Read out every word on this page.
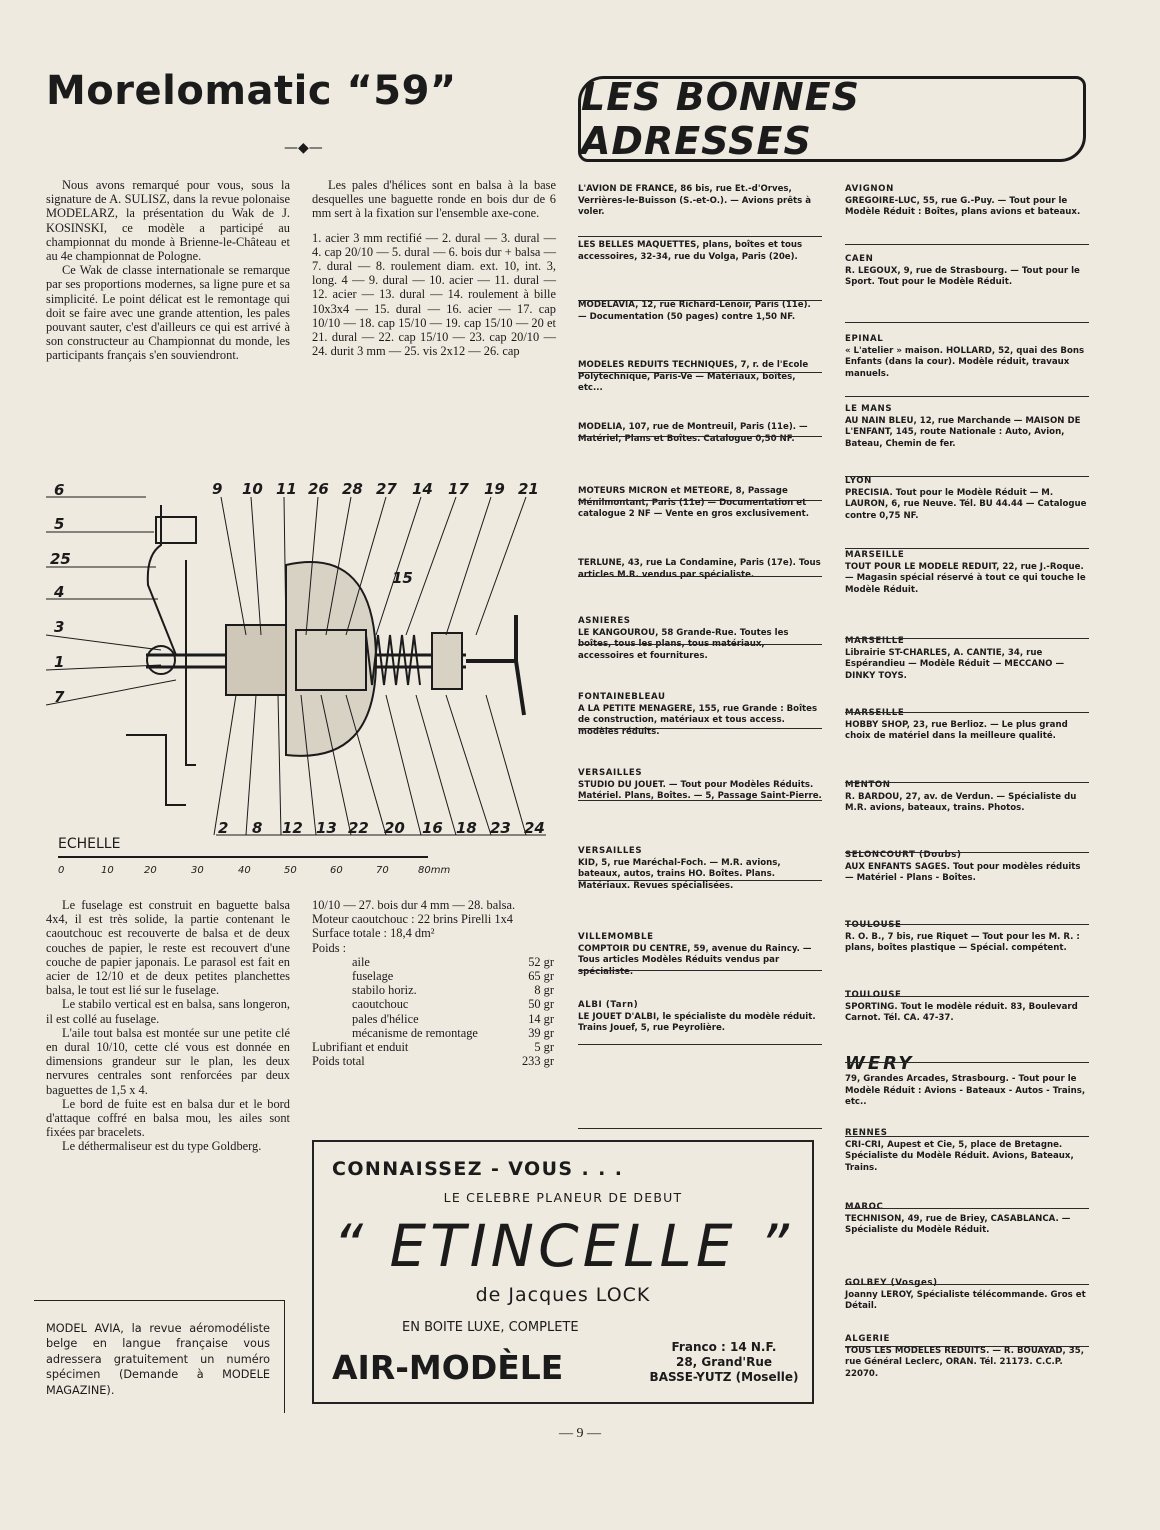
Morelomatic “59”
—◆—
LES BONNES ADRESSES

Nous avons remarqué pour vous, sous la signature de A. SULISZ, dans la revue polonaise MODELARZ, la présentation du Wak de J. KOSINSKI, ce modèle a participé au championnat du monde à Brienne-le-Château et au 4e championnat de Pologne.

Ce Wak de classe internationale se remarque par ses proportions modernes, sa ligne pure et sa simplicité. Le point délicat est le remontage qui doit se faire avec une grande attention, les pales pouvant sauter, c'est d'ailleurs ce qui est arrivé à son constructeur au Championnat du monde, les participants français s'en souviendront.

Les pales d'hélices sont en balsa à la base desquelles une baguette ronde en bois dur de 6 mm sert à la fixation sur l'ensemble axe-cone.

1. acier 3 mm rectifié — 2. dural — 3. dural — 4. cap 20/10 — 5. dural — 6. bois dur + balsa — 7. dural — 8. roulement diam. ext. 10, int. 3, long. 4 — 9. dural — 10. acier — 11. dural — 12. acier — 13. dural — 14. roulement à bille 10x3x4 — 15. dural — 16. acier — 17. cap 10/10 — 18. cap 15/10 — 19. cap 15/10 — 20 et 21. dural — 22. cap 15/10 — 23. cap 20/10 — 24. durit 3 mm — 25. vis 2x12 — 26. cap

9 10 11 26 28 27 14 17 19 21
6
5
25
4
3
1
7
15
2 8 12 13 22 20 16 18 23 24
ECHELLE
0	10	20	30	40	50	60	70	80mm

Le fuselage est construit en baguette balsa 4x4, il est très solide, la partie contenant le caoutchouc est recouverte de balsa et de deux couches de papier, le reste est recouvert d'une couche de papier japonais. Le parasol est fait en acier de 12/10 et de deux petites planchettes balsa, le tout est lié sur le fuselage.

Le stabilo vertical est en balsa, sans longeron, il est collé au fuselage.

L'aile tout balsa est montée sur une petite clé en dural 10/10, cette clé vous est donnée en dimensions grandeur sur le plan, les deux nervures centrales sont renforcées par deux baguettes de 1,5 x 4.

Le bord de fuite est en balsa dur et le bord d'attaque coffré en balsa mou, les ailes sont fixées par bracelets.

Le déthermaliseur est du type Goldberg.

10/10 — 27. bois dur 4 mm — 28. balsa.

Moteur caoutchouc : 22 brins Pirelli 1x4

Surface totale : 18,4 dm²

Poids :

aile	52 gr
fuselage	65 gr
stabilo horiz.	8 gr
caoutchouc	50 gr
pales d'hélice	14 gr
mécanisme de remontage	39 gr
Lubrifiant et enduit	5 gr
Poids total	233 gr
MODEL AVIA, la revue aéromodéliste belge en langue française vous adressera gratuitement un numéro spécimen (Demande à MODELE MAGAZINE).
CONNAISSEZ - VOUS . . .
LE CELEBRE PLANEUR DE DEBUT
“ ETINCELLE ”
de Jacques LOCK
EN BOITE LUXE, COMPLETE
AIR-MODÈLE
Franco : 14 N.F.
28, Grand'Rue
BASSE-YUTZ (Moselle)
L'AVION DE FRANCE, 86 bis, rue Et.-d'Orves, Verrières-le-Buisson (S.-et-O.). — Avions prêts à voler.
LES BELLES MAQUETTES, plans, boîtes et tous accessoires, 32-34, rue du Volga, Paris (20e).
MODELAVIA, 12, rue Richard-Lenoir, Paris (11e). — Documentation (50 pages) contre 1,50 NF.
MODELES REDUITS TECHNIQUES, 7, r. de l'Ecole Polytechnique, Paris-Ve — Matériaux, boîtes, etc...
MODELIA, 107, rue de Montreuil, Paris (11e). — Matériel, Plans et Boîtes. Catalogue 0,50 NF.
MOTEURS MICRON et METEORE, 8, Passage Ménilmontant, Paris (11e) — Documentation et catalogue 2 NF — Vente en gros exclusivement.
TERLUNE, 43, rue La Condamine, Paris (17e). Tous articles M.R. vendus par spécialiste.
ASNIERES
LE KANGOUROU, 58 Grande-Rue. Toutes les boîtes, tous les plans, tous matériaux, accessoires et fournitures.
FONTAINEBLEAU
A LA PETITE MENAGERE, 155, rue Grande : Boîtes de construction, matériaux et tous access. modèles réduits.
VERSAILLES
STUDIO DU JOUET. — Tout pour Modèles Réduits. Matériel. Plans, Boîtes. — 5, Passage Saint-Pierre.
VERSAILLES
KID, 5, rue Maréchal-Foch. — M.R. avions, bateaux, autos, trains HO. Boîtes. Plans. Matériaux. Revues spécialisées.
VILLEMOMBLE
COMPTOIR DU CENTRE, 59, avenue du Raincy. — Tous articles Modèles Réduits vendus par spécialiste.
ALBI (Tarn)
LE JOUET D'ALBI, le spécialiste du modèle réduit. Trains Jouef, 5, rue Peyrolière.
AVIGNON
GREGOIRE-LUC, 55, rue G.-Puy. — Tout pour le Modèle Réduit : Boîtes, plans avions et bateaux.
CAEN
R. LEGOUX, 9, rue de Strasbourg. — Tout pour le Sport. Tout pour le Modèle Réduit.
EPINAL
« L'atelier » maison. HOLLARD, 52, quai des Bons Enfants (dans la cour). Modèle réduit, travaux manuels.
LE MANS
AU NAIN BLEU, 12, rue Marchande — MAISON DE L'ENFANT, 145, route Nationale : Auto, Avion, Bateau, Chemin de fer.
LYON
PRECISIA. Tout pour le Modèle Réduit — M. LAURON, 6, rue Neuve. Tél. BU 44.44 — Catalogue contre 0,75 NF.
MARSEILLE
TOUT POUR LE MODELE REDUIT, 22, rue J.-Roque. — Magasin spécial réservé à tout ce qui touche le Modèle Réduit.
MARSEILLE
Librairie ST-CHARLES, A. CANTIE, 34, rue Espérandieu — Modèle Réduit — MECCANO — DINKY TOYS.
MARSEILLE
HOBBY SHOP, 23, rue Berlioz. — Le plus grand choix de matériel dans la meilleure qualité.
MENTON
R. BARDOU, 27, av. de Verdun. — Spécialiste du M.R. avions, bateaux, trains. Photos.
SELONCOURT (Doubs)
AUX ENFANTS SAGES. Tout pour modèles réduits — Matériel - Plans - Boîtes.
TOULOUSE
R. O. B., 7 bis, rue Riquet — Tout pour les M. R. : plans, boîtes plastique — Spécial. compétent.
TOULOUSE
SPORTING. Tout le modèle réduit. 83, Boulevard Carnot. Tél. CA. 47-37.
WERY
79, Grandes Arcades, Strasbourg. - Tout pour le Modèle Réduit : Avions - Bateaux - Autos - Trains, etc..
RENNES
CRI-CRI, Aupest et Cie, 5, place de Bretagne. Spécialiste du Modèle Réduit. Avions, Bateaux, Trains.
MAROC
TECHNISON, 49, rue de Briey, CASABLANCA. — Spécialiste du Modèle Réduit.
GOLBEY (Vosges)
Joanny LEROY, Spécialiste télécommande. Gros et Détail.
ALGERIE
TOUS LES MODELES REDUITS. — R. BOUAYAD, 35, rue Général Leclerc, ORAN. Tél. 21173. C.C.P. 22070.
— 9 —
